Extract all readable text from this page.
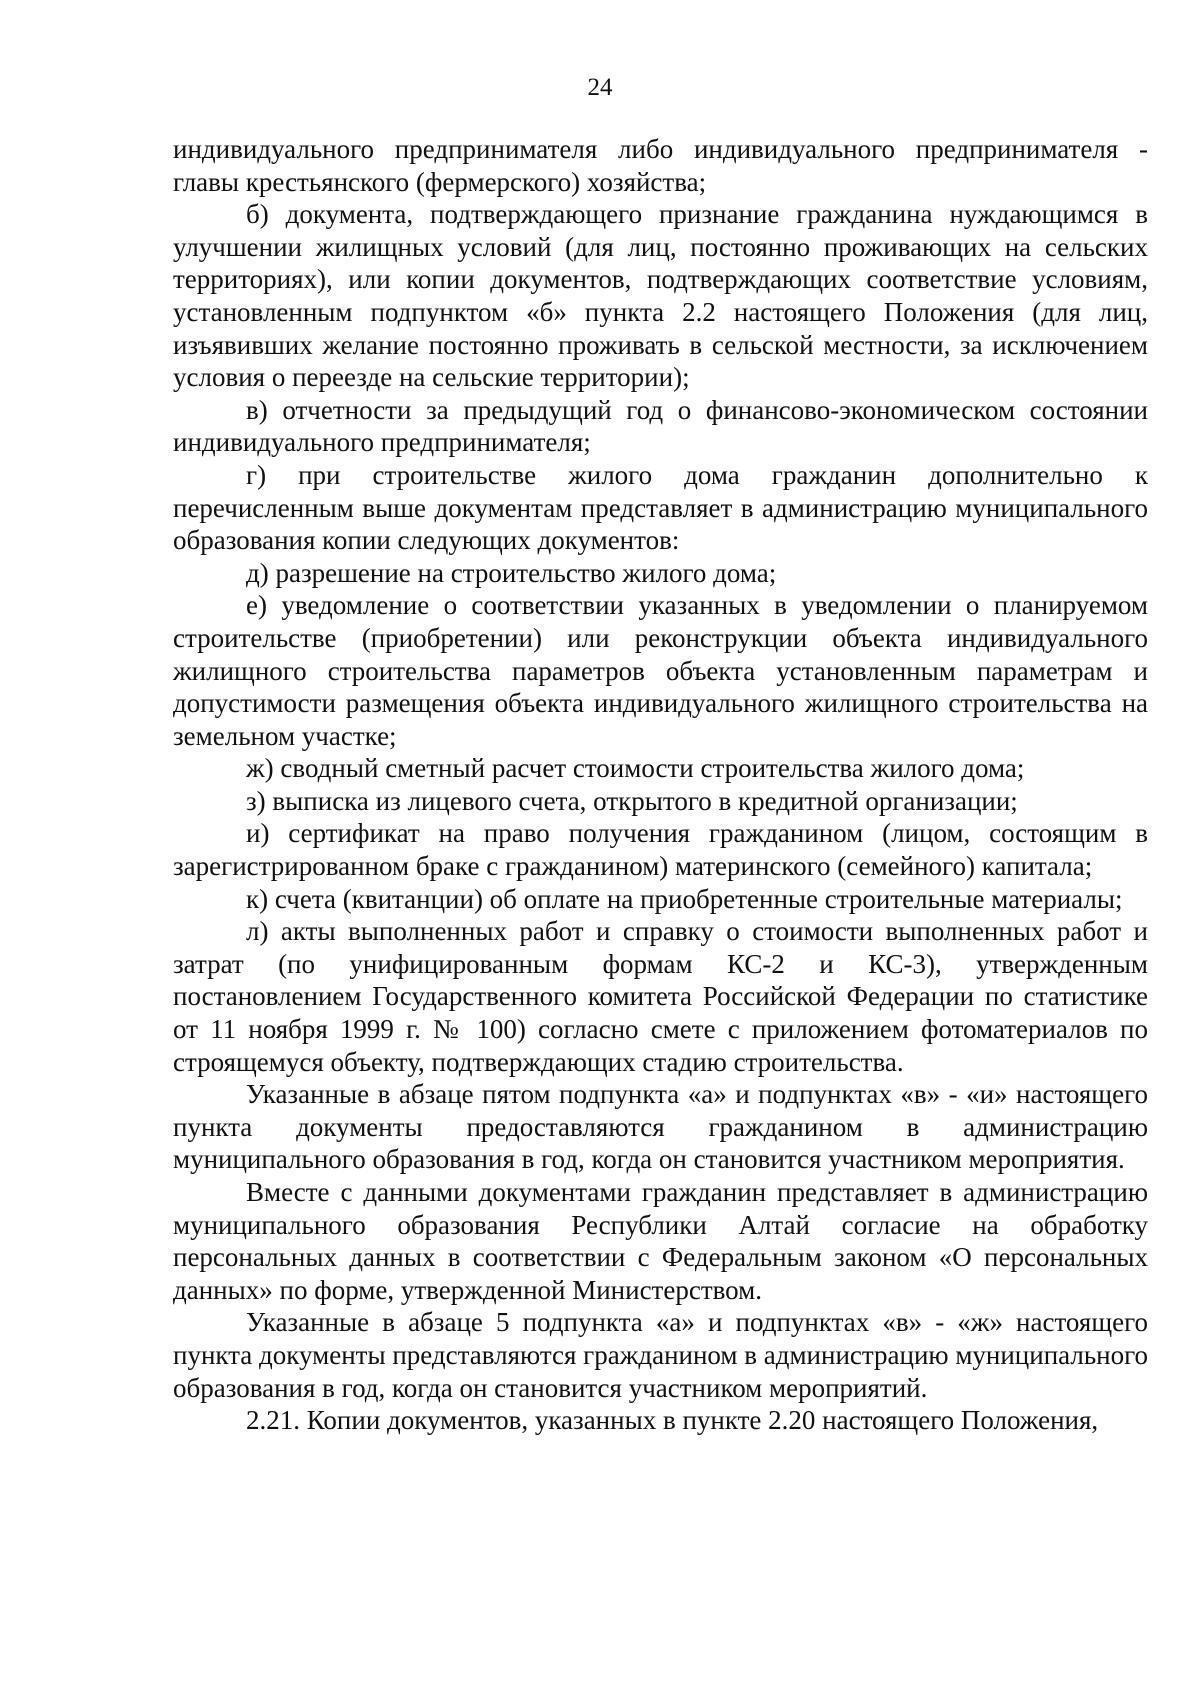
24

индивидуального предпринимателя либо индивидуального предпринимателя - главы крестьянского (фермерского) хозяйства;

б) документа, подтверждающего признание гражданина нуждающимся в улучшении жилищных условий (для лиц, постоянно проживающих на сельских территориях), или копии документов, подтверждающих соответствие условиям, установленным подпунктом «б» пункта 2.2 настоящего Положения (для лиц, изъявивших желание постоянно проживать в сельской местности, за исключением условия о переезде на сельские территории);

в) отчетности за предыдущий год о финансово-экономическом состоянии индивидуального предпринимателя;

г) при строительстве жилого дома гражданин дополнительно к перечисленным выше документам представляет в администрацию муниципального образования копии следующих документов:

д) разрешение на строительство жилого дома;

е) уведомление о соответствии указанных в уведомлении о планируемом строительстве (приобретении) или реконструкции объекта индивидуального жилищного строительства параметров объекта установленным параметрам и допустимости размещения объекта индивидуального жилищного строительства на земельном участке;

ж) сводный сметный расчет стоимости строительства жилого дома;

з) выписка из лицевого счета, открытого в кредитной организации;

и) сертификат на право получения гражданином (лицом, состоящим в зарегистрированном браке с гражданином) материнского (семейного) капитала;

к) счета (квитанции) об оплате на приобретенные строительные материалы;

л) акты выполненных работ и справку о стоимости выполненных работ и затрат (по унифицированным формам КС-2 и КС-3), утвержденным постановлением Государственного комитета Российской Федерации по статистике от 11 ноября 1999 г. № 100) согласно смете с приложением фотоматериалов по строящемуся объекту, подтверждающих стадию строительства.

Указанные в абзаце пятом подпункта «а» и подпунктах «в» - «и» настоящего пункта документы предоставляются гражданином в администрацию муниципального образования в год, когда он становится участником мероприятия.

Вместе с данными документами гражданин представляет в администрацию муниципального образования Республики Алтай согласие на обработку персональных данных в соответствии с Федеральным законом «О персональных данных» по форме, утвержденной Министерством.

Указанные в абзаце 5 подпункта «а» и подпунктах «в» - «ж» настоящего пункта документы представляются гражданином в администрацию муниципального образования в год, когда он становится участником мероприятий.

2.21. Копии документов, указанных в пункте 2.20 настоящего Положения,
